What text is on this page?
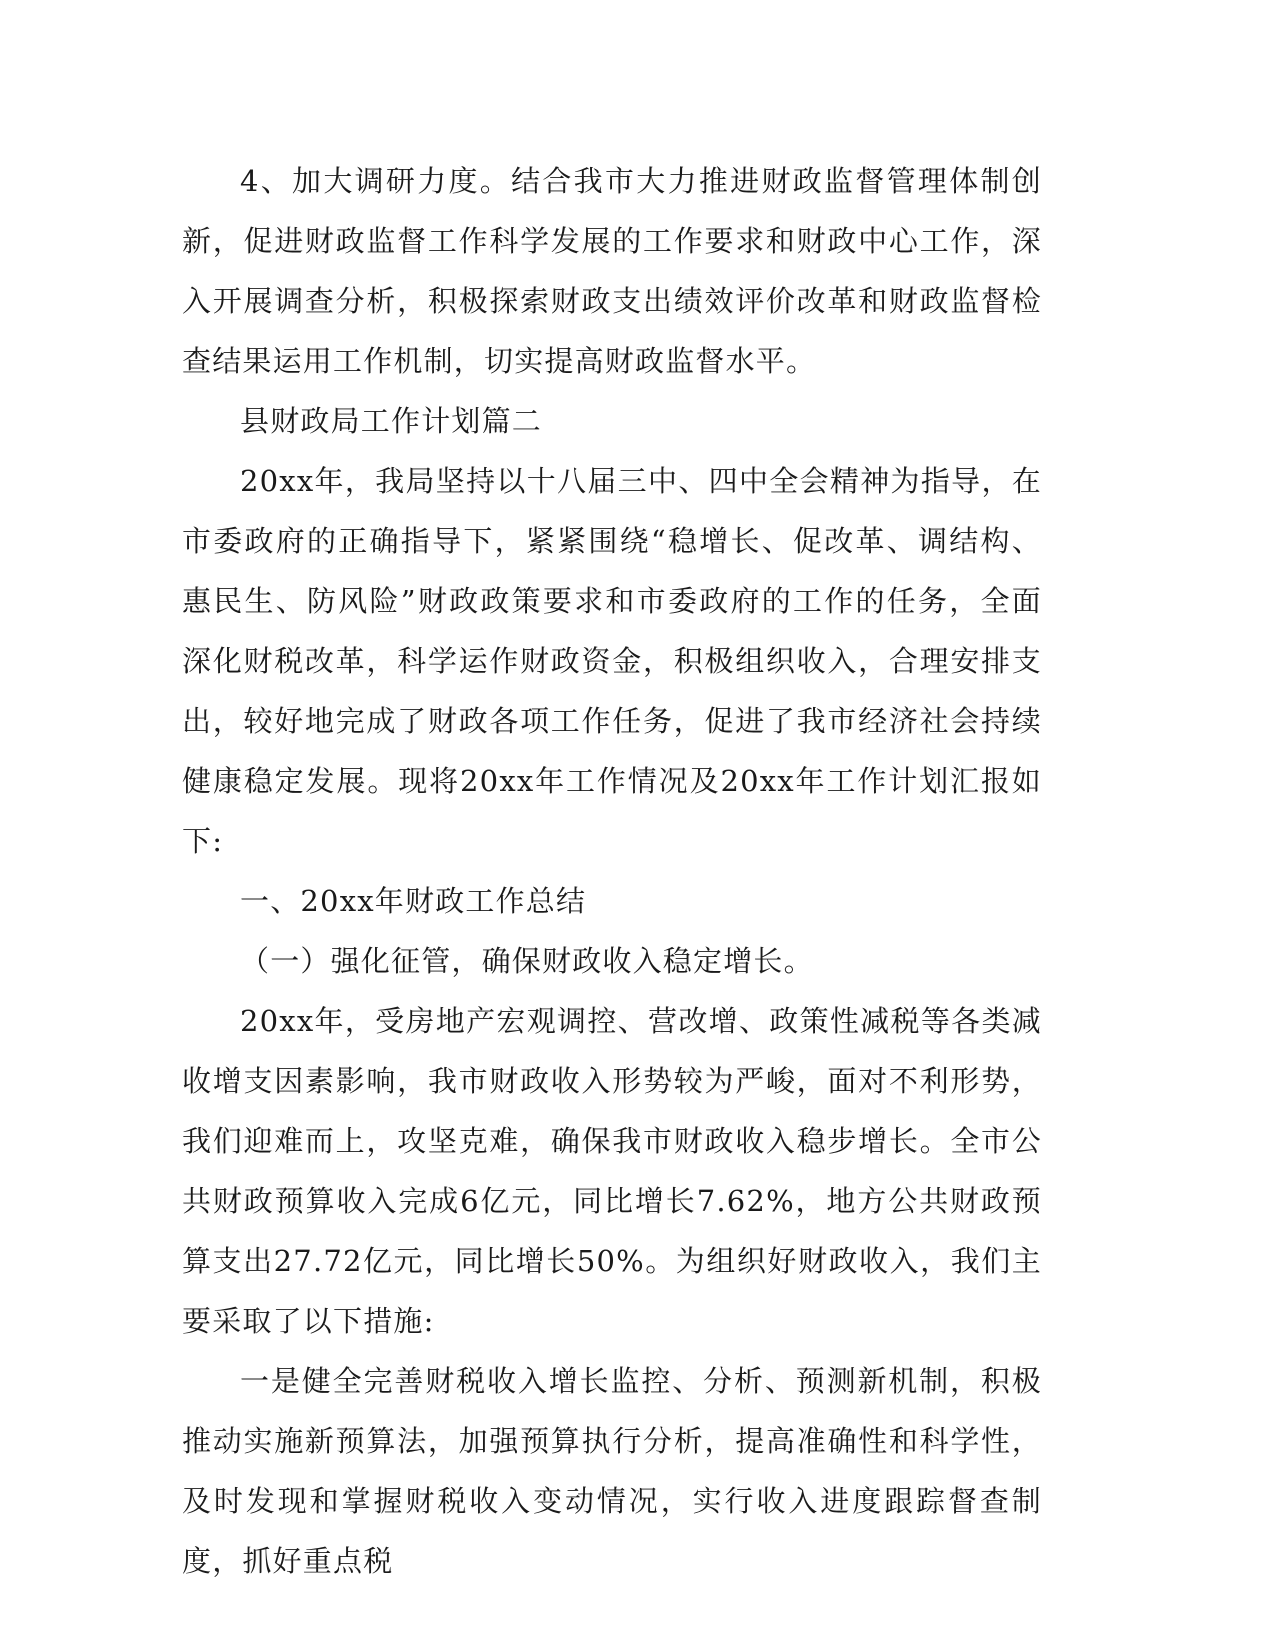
4、加大调研力度。结合我市大力推进财政监督管理体制创新，促进财政监督工作科学发展的工作要求和财政中心工作，深入开展调查分析，积极探索财政支出绩效评价改革和财政监督检查结果运用工作机制，切实提高财政监督水平。

县财政局工作计划篇二

20xx年，我局坚持以十八届三中、四中全会精神为指导，在市委政府的正确指导下，紧紧围绕“稳增长、促改革、调结构、惠民生、防风险”财政政策要求和市委政府的工作的任务，全面深化财税改革，科学运作财政资金，积极组织收入，合理安排支出，较好地完成了财政各项工作任务，促进了我市经济社会持续健康稳定发展。现将20xx年工作情况及20xx年工作计划汇报如下:

一、20xx年财政工作总结

（一）强化征管，确保财政收入稳定增长。

20xx年，受房地产宏观调控、营改增、政策性减税等各类减收增支因素影响，我市财政收入形势较为严峻，面对不利形势，我们迎难而上，攻坚克难，确保我市财政收入稳步增长。全市公共财政预算收入完成6亿元，同比增长7.62%，地方公共财政预算支出27.72亿元，同比增长50%。为组织好财政收入，我们主要采取了以下措施:

一是健全完善财税收入增长监控、分析、预测新机制，积极推动实施新预算法，加强预算执行分析，提高准确性和科学性，及时发现和掌握财税收入变动情况，实行收入进度跟踪督查制度，抓好重点税
